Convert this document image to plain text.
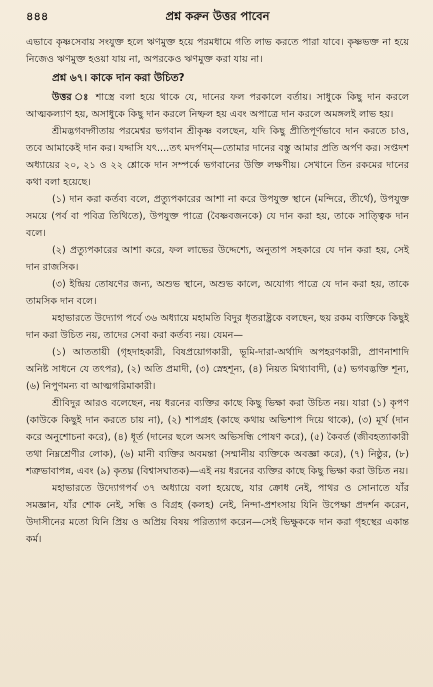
৪৪৪	প্রশ্ন করুন উত্তর পাবেন

এভাবে কৃষ্ণসেবায় সংযুক্ত হলে ঋণমুক্ত হয়ে পরমধামে গতি লাভ করতে পারা যাবে। কৃষ্ণভক্ত না হয়ে নিজেও ঋণমুক্ত হওয়া যায় না, অপরকেও ঋণমুক্ত করা যায় না।

প্রশ্ন ৬৭। কাকে দান করা উচিত?

উত্তর ঃ শাস্ত্রে বলা হয়ে থাকে যে, দানের ফল পরকালে বর্তায়। সাধুকে কিছু দান করলে আত্মকল্যাণ হয়, অসাধুকে কিছু দান করলে নিষ্ফল হয় এবং অপাত্রে দান করলে অমঙ্গলই লাভ হয়।

শ্রীমদ্ভগবদ্গীতায় পরমেশ্বর ভগবান শ্রীকৃষ্ণ বলছেন, যদি কিছু প্রীতিপূর্ণভাবে দান করতে চাও, তবে আমাকেই দান কর। যদ্দাসি যৎ....তৎ মদর্পণম্—তোমার দানের বস্তু আমার প্রতি অর্পণ কর। সপ্তদশ অধ্যায়ের ২০, ২১ ও ২২ শ্লোকে দান সম্পর্কে ভগবানের উক্তি লক্ষণীয়। সেখানে তিন রকমের দানের কথা বলা হয়েছে।

(১) দান করা কর্তব্য বলে, প্রত্যুপকারের আশা না করে উপযুক্ত স্থানে (মন্দিরে, তীর্থে), উপযুক্ত সময়ে (পর্ব বা পবিত্র তিথিতে), উপযুক্ত পাত্রে (বৈষ্ণবজনকে) যে দান করা হয়, তাকে সাত্ত্বিক দান বলে।

(২) প্রত্যুপকারের আশা করে, ফল লাভের উদ্দেশ্যে, অনুতাপ সহকারে যে দান করা হয়, সেই দান রাজসিক।

(৩) ইন্দ্রিয় তোষণের জন্য, অশুভ স্থানে, অশুভ কালে, অযোগ্য পাত্রে যে দান করা হয়, তাকে তামসিক দান বলে।

মহাভারতে উদ্যোগ পর্বে ৩৬ অধ্যায়ে মহামতি বিদুর ধৃতরাষ্ট্রকে বলছেন, ছয় রকম ব্যক্তিকে কিছুই দান করা উচিত নয়, তাদের সেবা করা কর্তব্য নয়। যেমন—

(১) আততায়ী (গৃহদাহকারী, বিষপ্রয়োগকারী, ভূমি-দারা-অর্থাদি অপহরণকারী, প্রাণনাশাদি অনিষ্ট সাধনে যে তৎপর), (২) অতি প্রমাদী, (৩) স্নেহশূন্য, (৪) নিয়ত মিথ্যাবাদী, (৫) ভগবদ্ভক্তি শূন্য, (৬) নিপুণমন্য বা আত্মগরিমাকারী।

শ্রীবিদুর আরও বলেছেন, নয় ধরনের ব্যক্তির কাছে কিছু ভিক্ষা করা উচিত নয়। যারা (১) কৃপণ (কাউকে কিছুই দান করতে চায় না), (২) শাপগ্রহ (কাছে কথায় অভিশাপ দিয়ে থাকে), (৩) মূর্খ (দান করে অনুশোচনা করে), (৪) ধূর্ত (দানের ছলে অসৎ অভিসন্ধি পোষণ করে), (৫) কৈবর্ত (জীবহত্যাকারী তথা নিম্নশ্রেণীর লোক), (৬) মানী ব্যক্তির অবমন্তা (সম্মানীয় ব্যক্তিকে অবজ্ঞা করে), (৭) নিষ্ঠুর, (৮) শত্রুভাবাপন্ন, এবং (৯) কৃতঘ্ন (বিশ্বাসঘাতক)—এই নয় ধরনের ব্যক্তির কাছে কিছু ভিক্ষা করা উচিত নয়।

মহাভারতে উদ্যোগপর্ব ৩৭ অধ্যায়ে বলা হয়েছে, যার ক্রোধ নেই, পাথর ও সোনাতে যাঁর সমজ্ঞান, যাঁর শোক নেই, সন্ধি ও বিগ্রহ (কলহ) নেই, নিন্দা-প্রশংসায় যিনি উপেক্ষা প্রদর্শন করেন, উদাসীনের মতো যিনি প্রিয় ও অপ্রিয় বিষয় পরিত্যাগ করেন—সেই ভিক্ষুককে দান করা গৃহস্থের একান্ত কর্ম।
